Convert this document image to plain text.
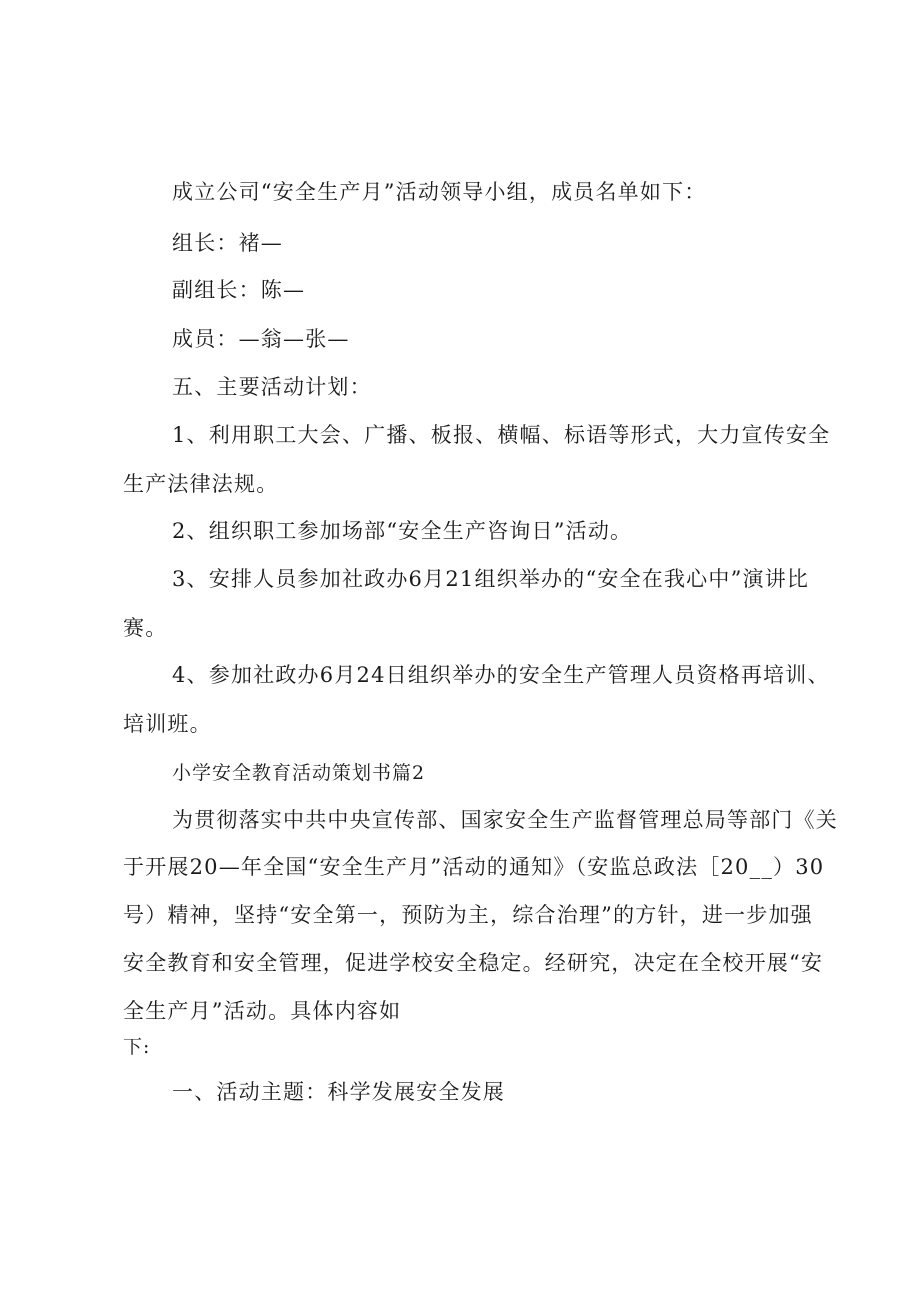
成立公司“安全生产月”活动领导小组，成员名单如下：
组长：褚—
副组长：陈—
成员：—翁—张—
五、主要活动计划：
1、利用职工大会、广播、板报、横幅、标语等形式，大力宣传安全
生产法律法规。
2、组织职工参加场部“安全生产咨询日”活动。
3、安排人员参加社政办6月21组织举办的“安全在我心中”演讲比
赛。
4、参加社政办6月24日组织举办的安全生产管理人员资格再培训、
培训班。
小学安全教育活动策划书篇2
为贯彻落实中共中央宣传部、国家安全生产监督管理总局等部门《关
于开展20—年全国“安全生产月”活动的通知》（安监总政法［20__）30
号）精神，坚持“安全第一，预防为主，综合治理”的方针，进一步加强
安全教育和安全管理，促进学校安全稳定。经研究，决定在全校开展“安
全生产月”活动。具体内容如
下:
一、活动主题：科学发展安全发展
